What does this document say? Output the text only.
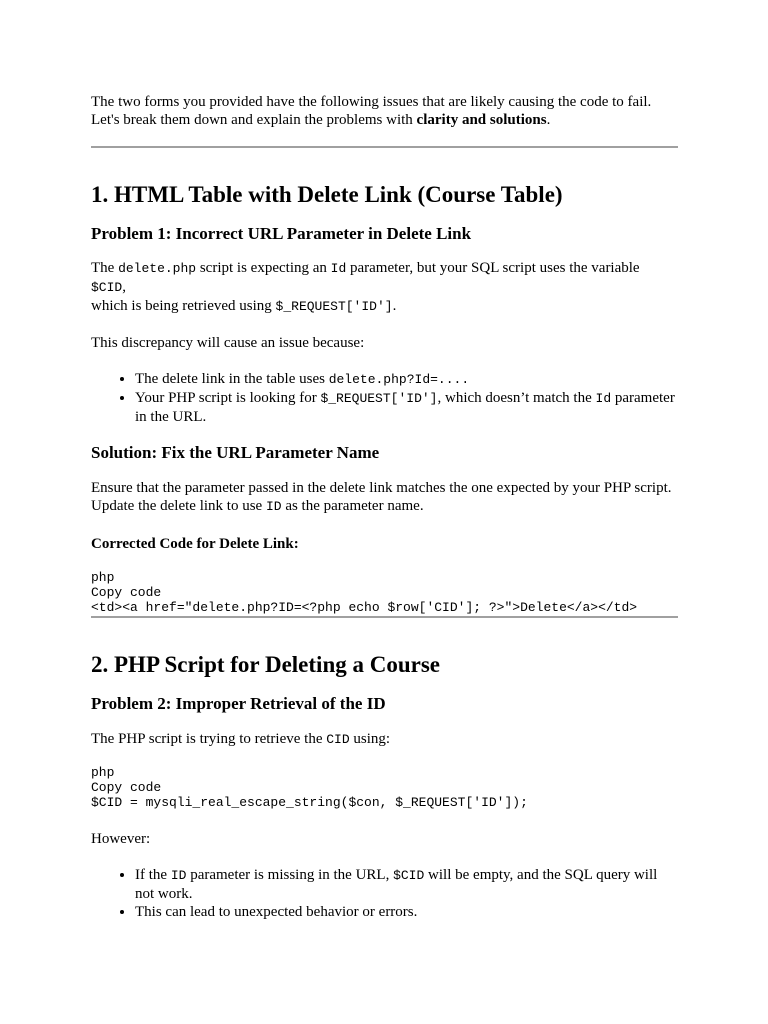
The two forms you provided have the following issues that are likely causing the code to fail.

Let's break them down and explain the problems with clarity and solutions.

1. HTML Table with Delete Link (Course Table)
Problem 1: Incorrect URL Parameter in Delete Link

The delete.php script is expecting an Id parameter, but your SQL script uses the variable $CID,
which is being retrieved using $_REQUEST['ID'].

This discrepancy will cause an issue because:

• The delete link in the table uses delete.php?Id=....
• Your PHP script is looking for $_REQUEST['ID'], which doesn’t match the Id parameter
in the URL.
Solution: Fix the URL Parameter Name

Ensure that the parameter passed in the delete link matches the one expected by your PHP script.
Update the delete link to use ID as the parameter name.

Corrected Code for Delete Link:
php
Copy code
<td><a href="delete.php?ID=<?php echo $row['CID']; ?>">Delete</a></td>
2. PHP Script for Deleting a Course
Problem 2: Improper Retrieval of the ID

The PHP script is trying to retrieve the CID using:

php
Copy code
$CID = mysqli_real_escape_string($con, $_REQUEST['ID']);

However:

• If the ID parameter is missing in the URL, $CID will be empty, and the SQL query will
not work.
• This can lead to unexpected behavior or errors.
